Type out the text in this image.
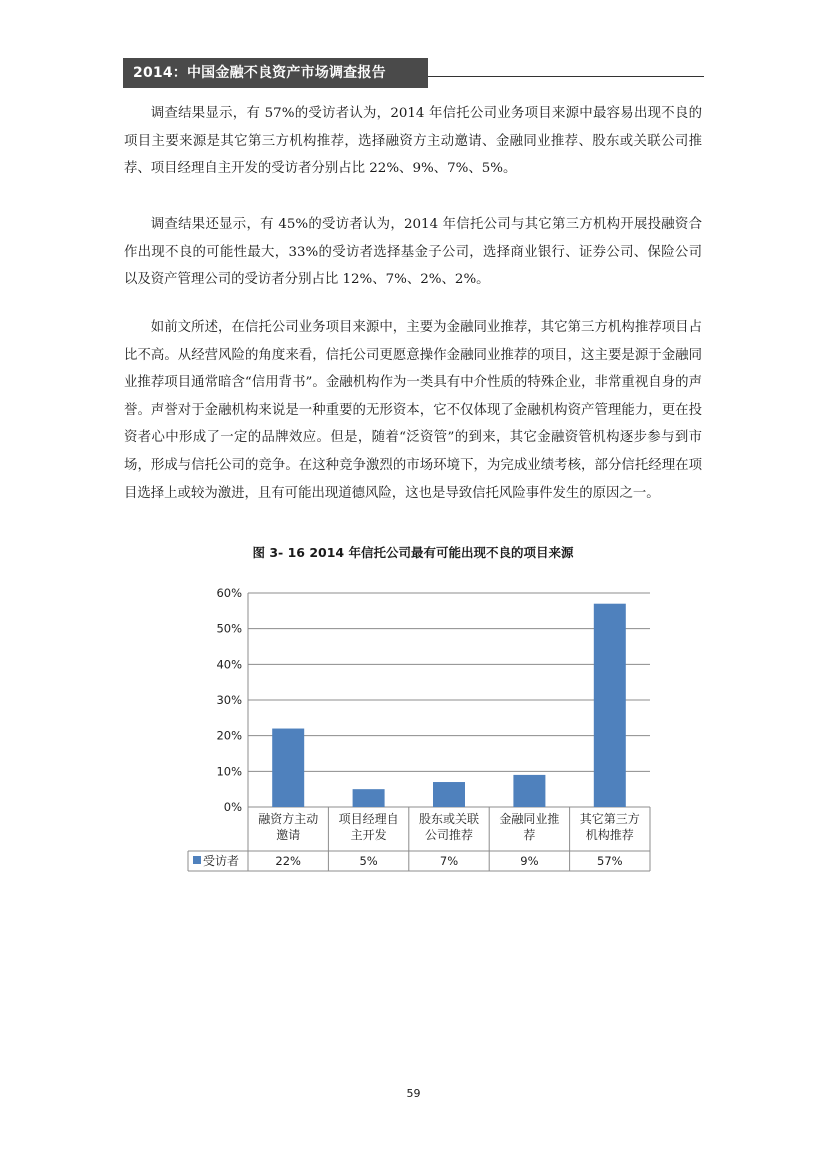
2014：中国金融不良资产市场调查报告

调查结果显示，有 57%的受访者认为，2014 年信托公司业务项目来源中最容易出现不良的项目主要来源是其它第三方机构推荐，选择融资方主动邀请、金融同业推荐、股东或关联公司推荐、项目经理自主开发的受访者分别占比 22%、9%、7%、5%。

调查结果还显示，有 45%的受访者认为，2014 年信托公司与其它第三方机构开展投融资合作出现不良的可能性最大，33%的受访者选择基金子公司，选择商业银行、证券公司、保险公司以及资产管理公司的受访者分别占比 12%、7%、2%、2%。

如前文所述，在信托公司业务项目来源中，主要为金融同业推荐，其它第三方机构推荐项目占比不高。从经营风险的角度来看，信托公司更愿意操作金融同业推荐的项目，这主要是源于金融同业推荐项目通常暗含“信用背书”。金融机构作为一类具有中介性质的特殊企业，非常重视自身的声誉。声誉对于金融机构来说是一种重要的无形资本，它不仅体现了金融机构资产管理能力，更在投资者心中形成了一定的品牌效应。但是，随着“泛资管”的到来，其它金融资管机构逐步参与到市场，形成与信托公司的竞争。在这种竞争激烈的市场环境下，为完成业绩考核，部分信托经理在项目选择上或较为激进，且有可能出现道德风险，这也是导致信托风险事件发生的原因之一。

图 3- 16 2014 年信托公司最有可能出现不良的项目来源
0%
10%
20%
30%
40%
50%
60%
融资方主动
邀请
22%
项目经理自
主开发
5%
股东或关联
公司推荐
7%
金融同业推
荐
9%
其它第三方
机构推荐
57%
受访者
59
